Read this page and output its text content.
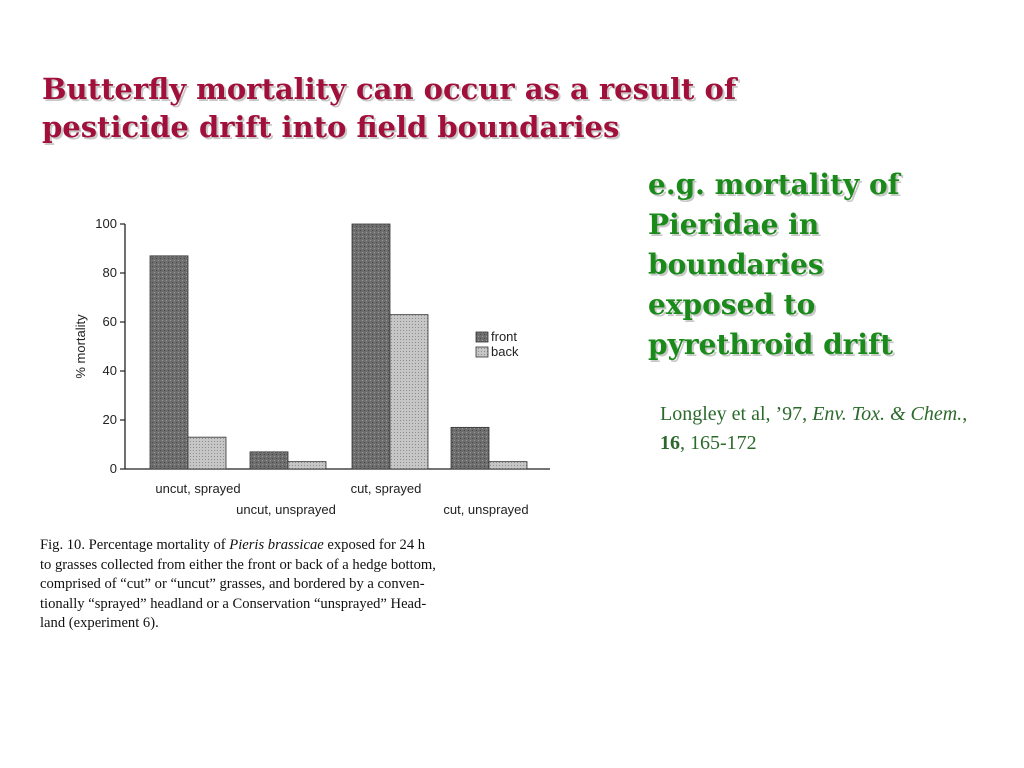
Butterfly mortality can occur as a result of
pesticide drift into field boundaries
e.g. mortality of
Pieridae in
boundaries
exposed to
pyrethroid drift
Longley et al, ’97, Env. Tox. & Chem., 16, 165-172
0
20
40
60
80
100
% mortality
uncut, sprayed
uncut, unsprayed
cut, sprayed
cut, unsprayed
front
back

Fig. 10. Percentage mortality of Pieris brassicae exposed for 24 h
to grasses collected from either the front or back of a hedge bottom,
comprised of “cut” or “uncut” grasses, and bordered by a conven-
tionally “sprayed” headland or a Conservation “unsprayed” Head-
land (experiment 6).
